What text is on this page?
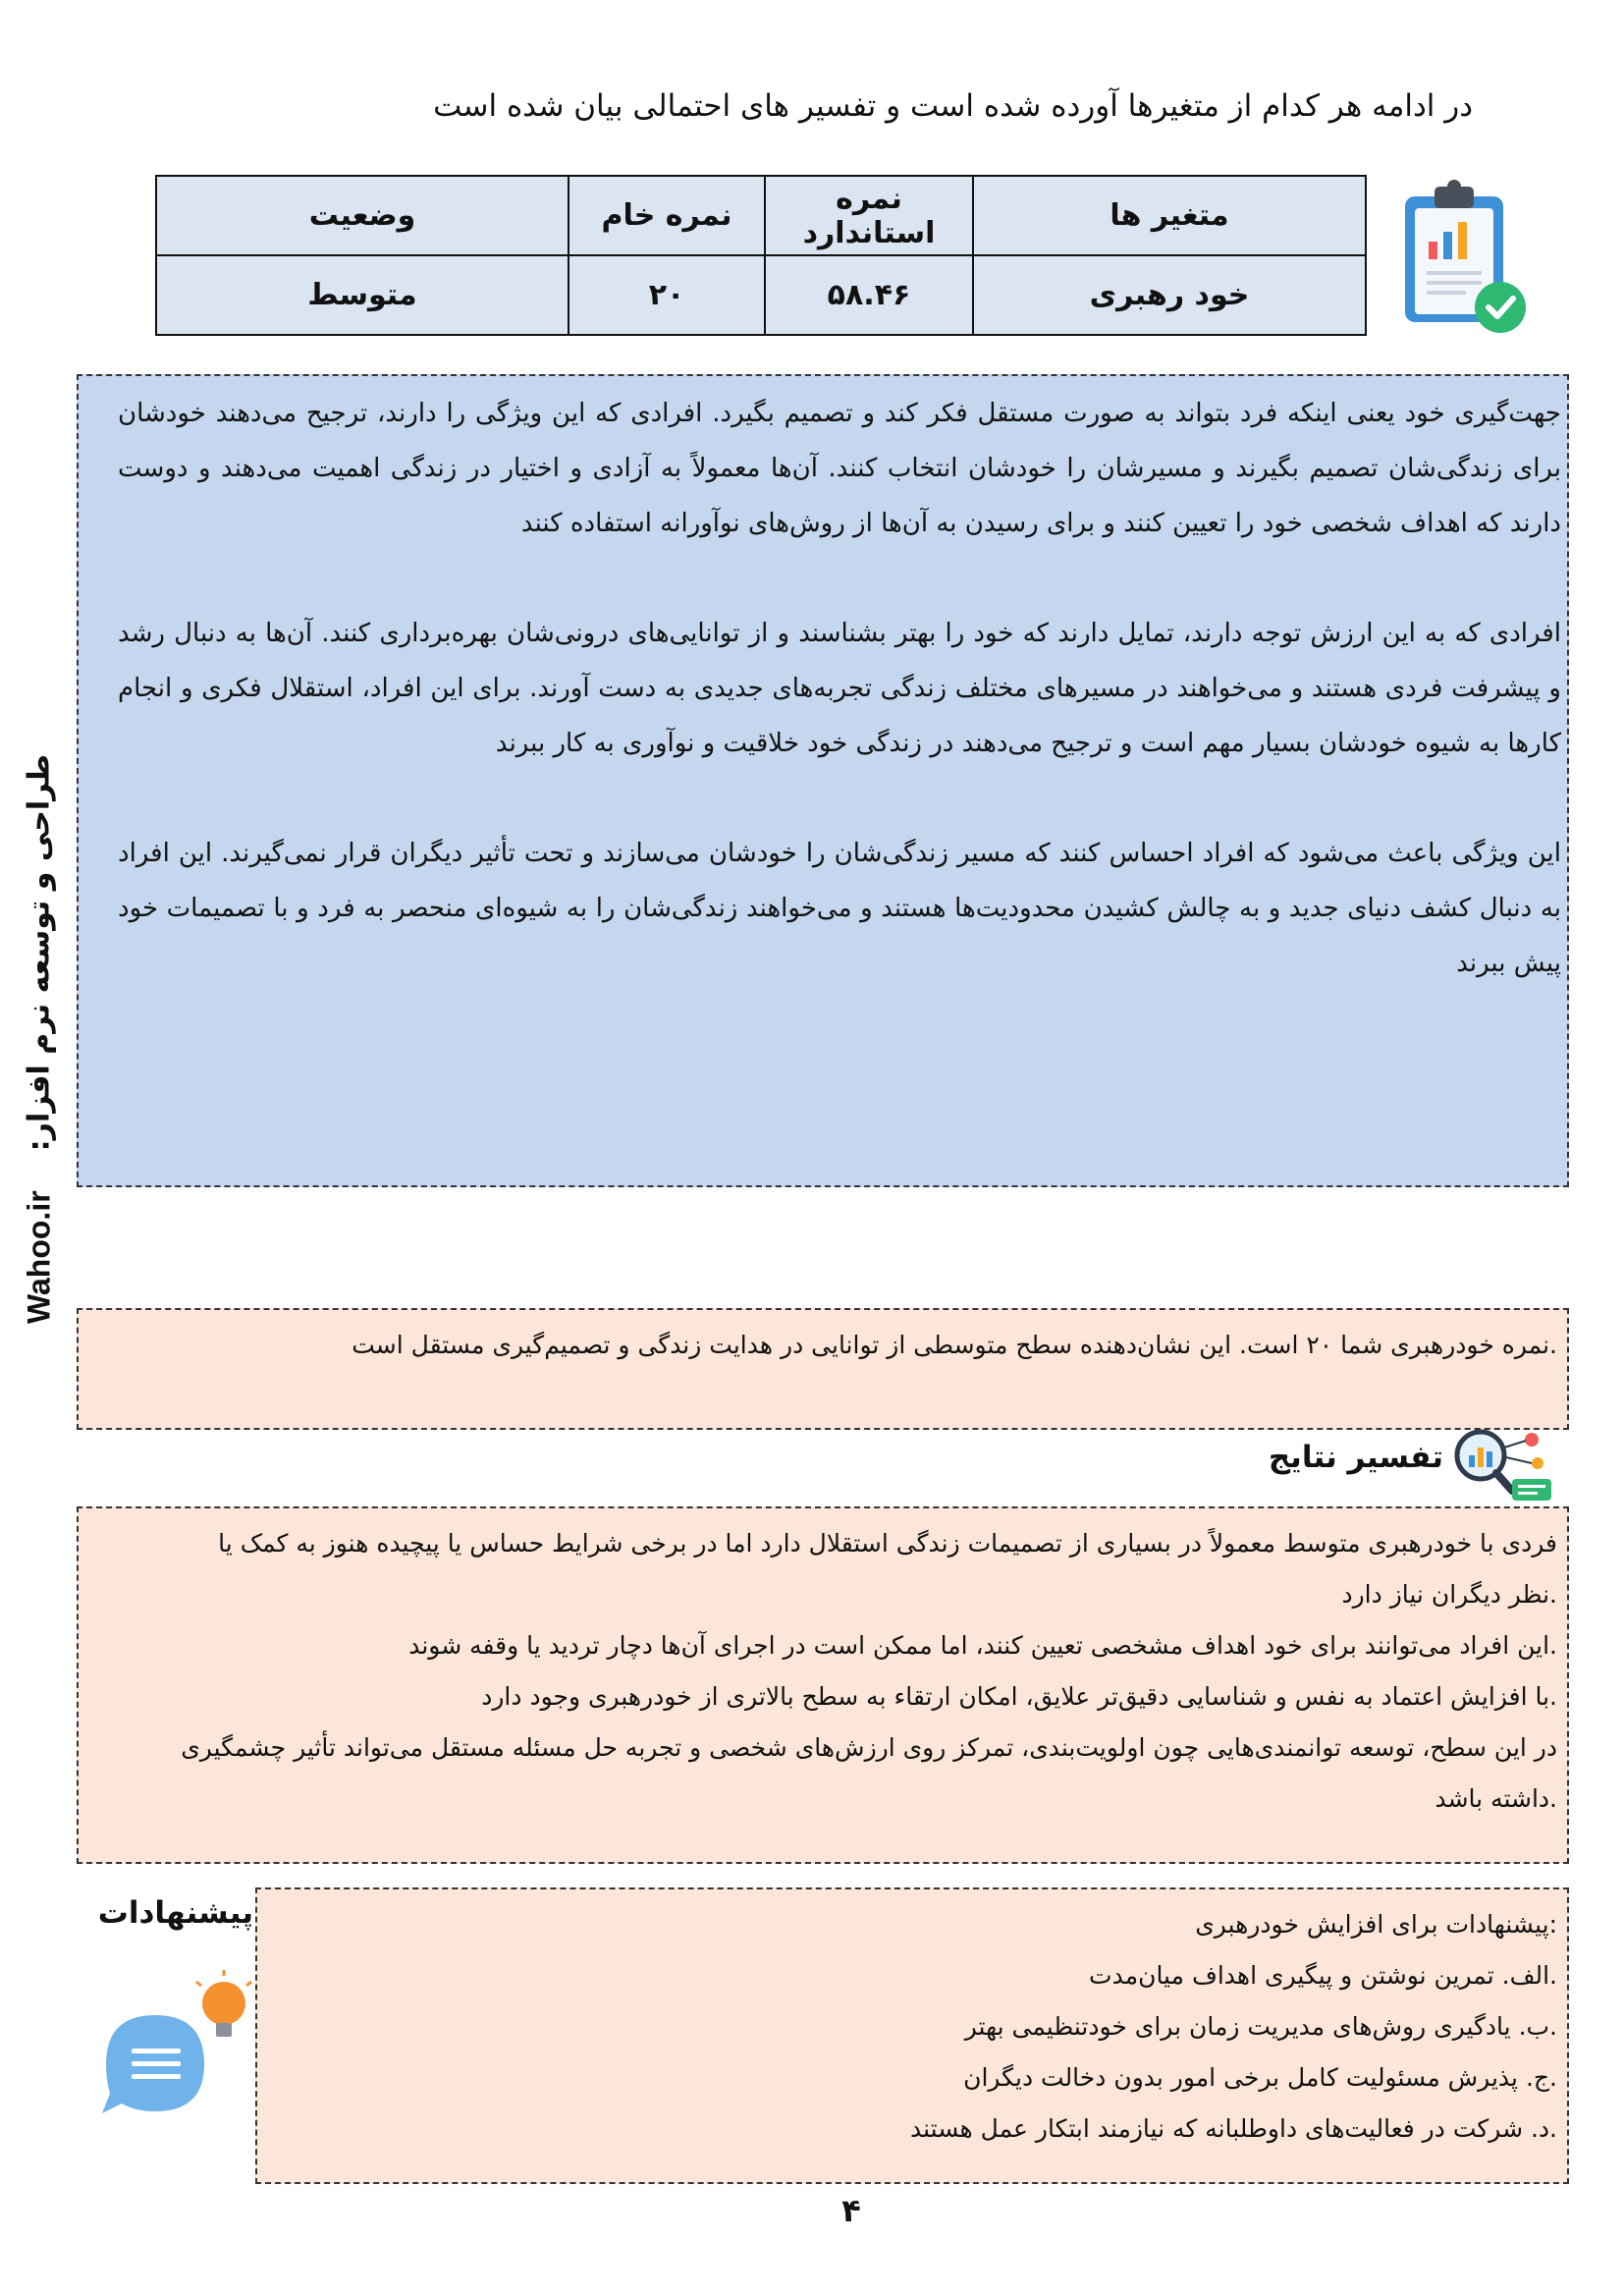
در ادامه هر کدام از متغیرها آورده شده است و تفسیر های احتمالی بیان شده است
متغیر ها	نمره استاندارد	نمره خام	وضعیت
خود رهبری	۵۸.۴۶	۲۰	متوسط

جهت‌گیری خود یعنی اینکه فرد بتواند به صورت مستقل فکر کند و تصمیم بگیرد. افرادی که این ویژگی را دارند، ترجیح می‌دهند خودشان برای زندگی‌شان تصمیم بگیرند و مسیرشان را خودشان انتخاب کنند. آن‌ها معمولاً به آزادی و اختیار در زندگی اهمیت می‌دهند و دوست دارند که اهداف شخصی خود را تعیین کنند و برای رسیدن به آن‌ها از روش‌های نوآورانه استفاده کنند

افرادی که به این ارزش توجه دارند، تمایل دارند که خود را بهتر بشناسند و از توانایی‌های درونی‌شان بهره‌برداری کنند. آن‌ها به دنبال رشد و پیشرفت فردی هستند و می‌خواهند در مسیرهای مختلف زندگی تجربه‌های جدیدی به دست آورند. برای این افراد، استقلال فکری و انجام کارها به شیوه خودشان بسیار مهم است و ترجیح می‌دهند در زندگی خود خلاقیت و نوآوری به کار ببرند

این ویژگی باعث می‌شود که افراد احساس کنند که مسیر زندگی‌شان را خودشان می‌سازند و تحت تأثیر دیگران قرار نمی‌گیرند. این افراد به دنبال کشف دنیای جدید و به چالش کشیدن محدودیت‌ها هستند و می‌خواهند زندگی‌شان را به شیوه‌ای منحصر به فرد و با تصمیمات خود پیش ببرند

Wahoo.ir
طراحی و توسعه نرم افزار:

.نمره خودرهبری شما ۲۰ است. این نشان‌دهنده سطح متوسطی از توانایی در هدایت زندگی و تصمیم‌گیری مستقل است

تفسیر نتایج

فردی با خودرهبری متوسط معمولاً در بسیاری از تصمیمات زندگی استقلال دارد اما در برخی شرایط حساس یا پیچیده هنوز به کمک یا

.نظر دیگران نیاز دارد

.این افراد می‌توانند برای خود اهداف مشخصی تعیین کنند، اما ممکن است در اجرای آن‌ها دچار تردید یا وقفه شوند

.با افزایش اعتماد به نفس و شناسایی دقیق‌تر علایق، امکان ارتقاء به سطح بالاتری از خودرهبری وجود دارد

در این سطح، توسعه توانمندی‌هایی چون اولویت‌بندی، تمرکز روی ارزش‌های شخصی و تجربه حل مسئله مستقل می‌تواند تأثیر چشمگیری

.داشته باشد

پیشنهادات	:پیشنهادات برای افزایش خودرهبری

.الف. تمرین نوشتن و پیگیری اهداف میان‌مدت

.ب. یادگیری روش‌های مدیریت زمان برای خودتنظیمی بهتر

.ج. پذیرش مسئولیت کامل برخی امور بدون دخالت دیگران

.د. شرکت در فعالیت‌های داوطلبانه که نیازمند ابتکار عمل هستند

۴
